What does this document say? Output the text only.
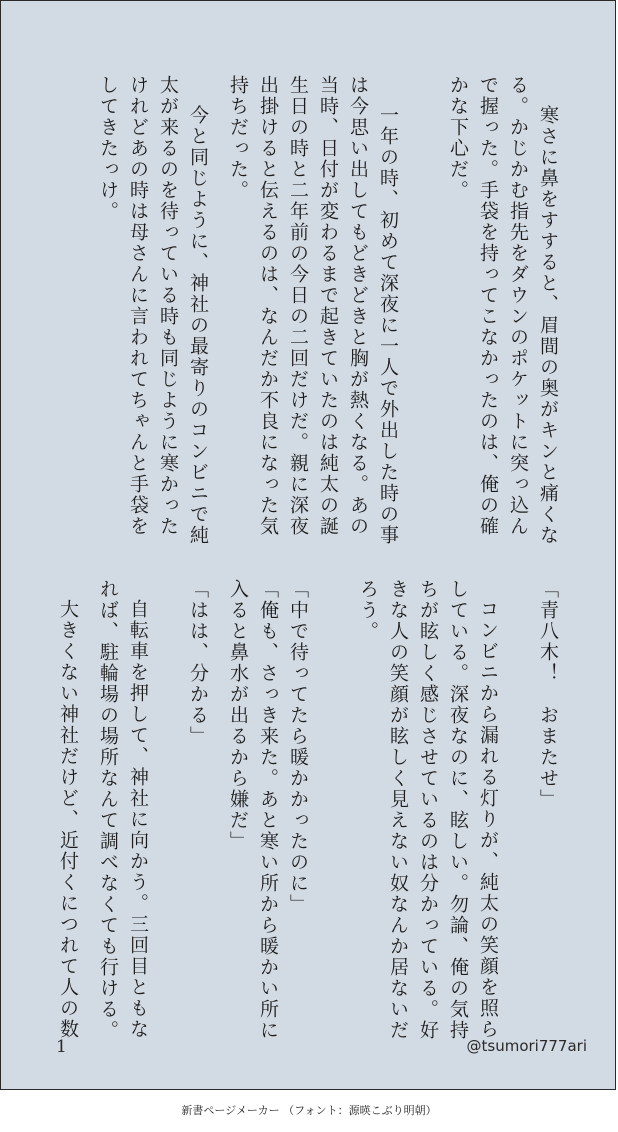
寒さに鼻をすすると、眉間の奥がキンと痛くな
る。かじかむ指先をダウンのポケットに突っ込ん
で握った。手袋を持ってこなかったのは、俺の確
かな下心だ。
一年の時、初めて深夜に一人で外出した時の事
は今思い出してもどきどきと胸が熱くなる。あの
当時、日付が変わるまで起きていたのは純太の誕
生日の時と二年前の今日の二回だけだ。親に深夜
出掛けると伝えるのは、なんだか不良になった気
持ちだった。
今と同じように、神社の最寄りのコンビニで純
太が来るのを待っている時も同じように寒かった
けれどあの時は母さんに言われてちゃんと手袋を
してきたっけ。
「青八木！　おまたせ」
コンビニから漏れる灯りが、純太の笑顔を照ら
している。深夜なのに、眩しい。勿論、俺の気持
ちが眩しく感じさせているのは分かっている。好
きな人の笑顔が眩しく見えない奴なんか居ないだ
ろう。
「中で待ってたら暖かかったのに」
「俺も、さっき来た。あと寒い所から暖かい所に
入ると鼻水が出るから嫌だ」
「はは、分かる」
自転車を押して、神社に向かう。三回目ともな
れば、駐輪場の場所なんて調べなくても行ける。
大きくない神社だけど、近付くにつれて人の数
1	@tsumori777ari
新書ページメーカー （フォント：源暎こぶり明朝）
